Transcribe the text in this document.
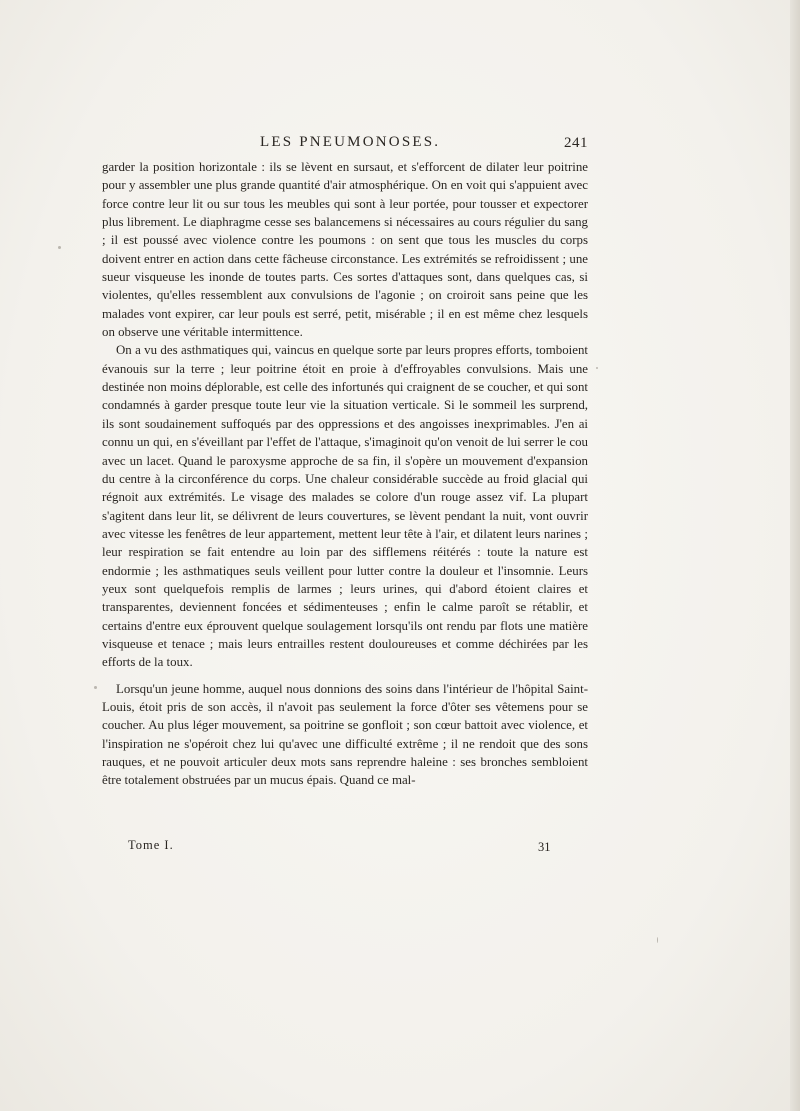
LES PNEUMONOSES.	241

garder la position horizontale : ils se lèvent en sursaut, et s'efforcent de dilater leur poitrine pour y assembler une plus grande quantité d'air atmosphérique. On en voit qui s'appuient avec force contre leur lit ou sur tous les meubles qui sont à leur portée, pour tousser et expectorer plus librement. Le diaphragme cesse ses balancemens si nécessaires au cours régulier du sang ; il est poussé avec violence contre les poumons : on sent que tous les muscles du corps doivent entrer en action dans cette fâcheuse circonstance. Les extrémités se refroidissent ; une sueur visqueuse les inonde de toutes parts. Ces sortes d'attaques sont, dans quelques cas, si violentes, qu'elles ressemblent aux convulsions de l'agonie ; on croiroit sans peine que les malades vont expirer, car leur pouls est serré, petit, misérable ; il en est même chez lesquels on observe une véritable intermittence.

On a vu des asthmatiques qui, vaincus en quelque sorte par leurs propres efforts, tomboient évanouis sur la terre ; leur poitrine étoit en proie à d'effroyables convulsions. Mais une destinée non moins déplorable, est celle des infortunés qui craignent de se coucher, et qui sont condamnés à garder presque toute leur vie la situation verticale. Si le sommeil les surprend, ils sont soudainement suffoqués par des oppressions et des angoisses inexprimables. J'en ai connu un qui, en s'éveillant par l'effet de l'attaque, s'imaginoit qu'on venoit de lui serrer le cou avec un lacet. Quand le paroxysme approche de sa fin, il s'opère un mouvement d'expansion du centre à la circonférence du corps. Une chaleur considérable succède au froid glacial qui régnoit aux extrémités. Le visage des malades se colore d'un rouge assez vif. La plupart s'agitent dans leur lit, se délivrent de leurs couvertures, se lèvent pendant la nuit, vont ouvrir avec vitesse les fenêtres de leur appartement, mettent leur tête à l'air, et dilatent leurs narines ; leur respiration se fait entendre au loin par des sifflemens réitérés : toute la nature est endormie ; les asthmatiques seuls veillent pour lutter contre la douleur et l'insomnie. Leurs yeux sont quelquefois remplis de larmes ; leurs urines, qui d'abord étoient claires et transparentes, deviennent foncées et sédimenteuses ; enfin le calme paroît se rétablir, et certains d'entre eux éprouvent quelque soulagement lorsqu'ils ont rendu par flots une matière visqueuse et tenace ; mais leurs entrailles restent douloureuses et comme déchirées par les efforts de la toux.

Lorsqu'un jeune homme, auquel nous donnions des soins dans l'intérieur de l'hôpital Saint-Louis, étoit pris de son accès, il n'avoit pas seulement la force d'ôter ses vêtemens pour se coucher. Au plus léger mouvement, sa poitrine se gonfloit ; son cœur battoit avec violence, et l'inspiration ne s'opéroit chez lui qu'avec une difficulté extrême ; il ne rendoit que des sons rauques, et ne pouvoit articuler deux mots sans reprendre haleine : ses bronches sembloient être totalement obstruées par un mucus épais. Quand ce mal-

Tome I.	31
